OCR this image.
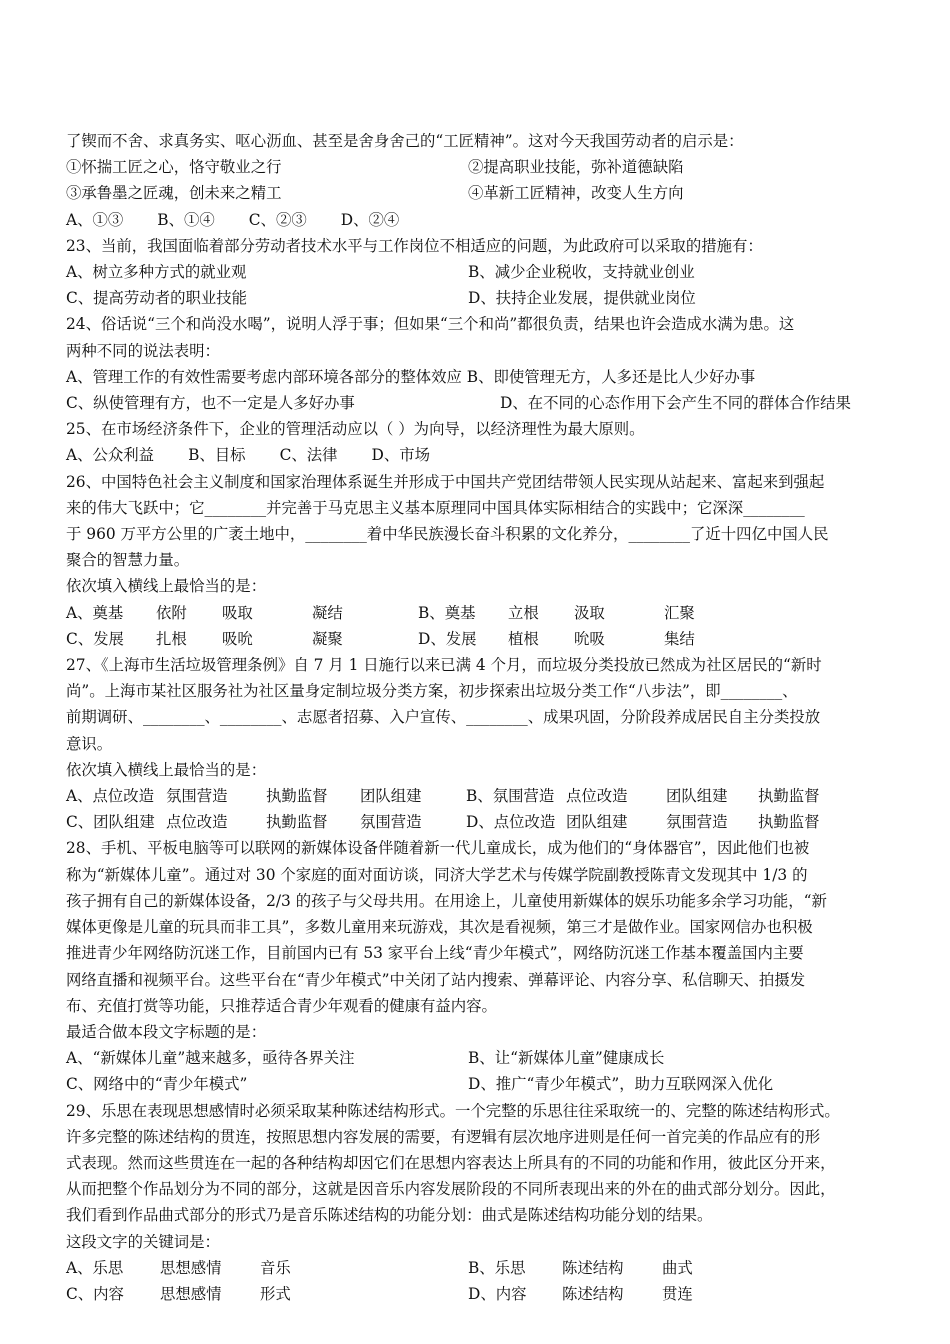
了锲而不舍、求真务实、呕心沥血、甚至是舍身舍己的“工匠精神”。这对今天我国劳动者的启示是：
①怀揣工匠之心，恪守敬业之行	②提高职业技能，弥补道德缺陷
③承鲁墨之匠魂，创未来之精工	④革新工匠精神，改变人生方向
A、①③ B、①④ C、②③ D、②④
23、当前，我国面临着部分劳动者技术水平与工作岗位不相适应的问题，为此政府可以采取的措施有：
A、树立多种方式的就业观	B、减少企业税收，支持就业创业
C、提高劳动者的职业技能	D、扶持企业发展，提供就业岗位
24、俗话说“三个和尚没水喝”，说明人浮于事；但如果“三个和尚”都很负责，结果也许会造成水满为患。这
两种不同的说法表明：
A、管理工作的有效性需要考虑内部环境各部分的整体效应 B、即使管理无方，人多还是比人少好办事
C、纵使管理有方，也不一定是人多好办事	D、在不同的心态作用下会产生不同的群体合作结果
25、在市场经济条件下，企业的管理活动应以（ ）为向导，以经济理性为最大原则。
A、公众利益 B、目标 C、法律 D、市场
26、中国特色社会主义制度和国家治理体系诞生并形成于中国共产党团结带领人民实现从站起来、富起来到强起
来的伟大飞跃中；它________并完善于马克思主义基本原理同中国具体实际相结合的实践中；它深深________
于 960 万平方公里的广袤土地中，________着中华民族漫长奋斗积累的文化养分，________了近十四亿中国人民
聚合的智慧力量。
依次填入横线上最恰当的是：
A、奠基	依附	吸取	凝结	B、奠基	立根	汲取	汇聚
C、发展	扎根	吸吮	凝聚	D、发展	植根	吮吸	集结
27、《上海市生活垃圾管理条例》自 7 月 1 日施行以来已满 4 个月，而垃圾分类投放已然成为社区居民的“新时
尚”。上海市某社区服务社为社区量身定制垃圾分类方案，初步探索出垃圾分类工作“八步法”，即________、
前期调研、________、________、志愿者招募、入户宣传、________、成果巩固，分阶段养成居民自主分类投放
意识。
依次填入横线上最恰当的是：
A、点位改造 氛围营造	执勤监督	团队组建	B、氛围营造 点位改造	团队组建	执勤监督
C、团队组建 点位改造	执勤监督	氛围营造	D、点位改造 团队组建	氛围营造	执勤监督
28、手机、平板电脑等可以联网的新媒体设备伴随着新一代儿童成长，成为他们的“身体器官”，因此他们也被
称为“新媒体儿童”。通过对 30 个家庭的面对面访谈，同济大学艺术与传媒学院副教授陈青文发现其中 1/3 的
孩子拥有自己的新媒体设备，2/3 的孩子与父母共用。在用途上，儿童使用新媒体的娱乐功能多余学习功能，“新
媒体更像是儿童的玩具而非工具”，多数儿童用来玩游戏，其次是看视频，第三才是做作业。国家网信办也积极
推进青少年网络防沉迷工作，目前国内已有 53 家平台上线“青少年模式”，网络防沉迷工作基本覆盖国内主要
网络直播和视频平台。这些平台在“青少年模式”中关闭了站内搜索、弹幕评论、内容分享、私信聊天、拍摄发
布、充值打赏等功能，只推荐适合青少年观看的健康有益内容。
最适合做本段文字标题的是：
A、“新媒体儿童”越来越多，亟待各界关注	B、让“新媒体儿童”健康成长
C、网络中的“青少年模式”	D、推广“青少年模式”，助力互联网深入优化
29、乐思在表现思想感情时必须采取某种陈述结构形式。一个完整的乐思往往采取统一的、完整的陈述结构形式。
许多完整的陈述结构的贯连，按照思想内容发展的需要，有逻辑有层次地序进则是任何一首完美的作品应有的形
式表现。然而这些贯连在一起的各种结构却因它们在思想内容表达上所具有的不同的功能和作用，彼此区分开来，
从而把整个作品划分为不同的部分，这就是因音乐内容发展阶段的不同所表现出来的外在的曲式部分划分。因此，
我们看到作品曲式部分的形式乃是音乐陈述结构的功能分划：曲式是陈述结构功能分划的结果。
这段文字的关键词是：
A、乐思	思想感情	音乐	B、乐思	陈述结构	曲式
C、内容	思想感情	形式	D、内容	陈述结构	贯连
